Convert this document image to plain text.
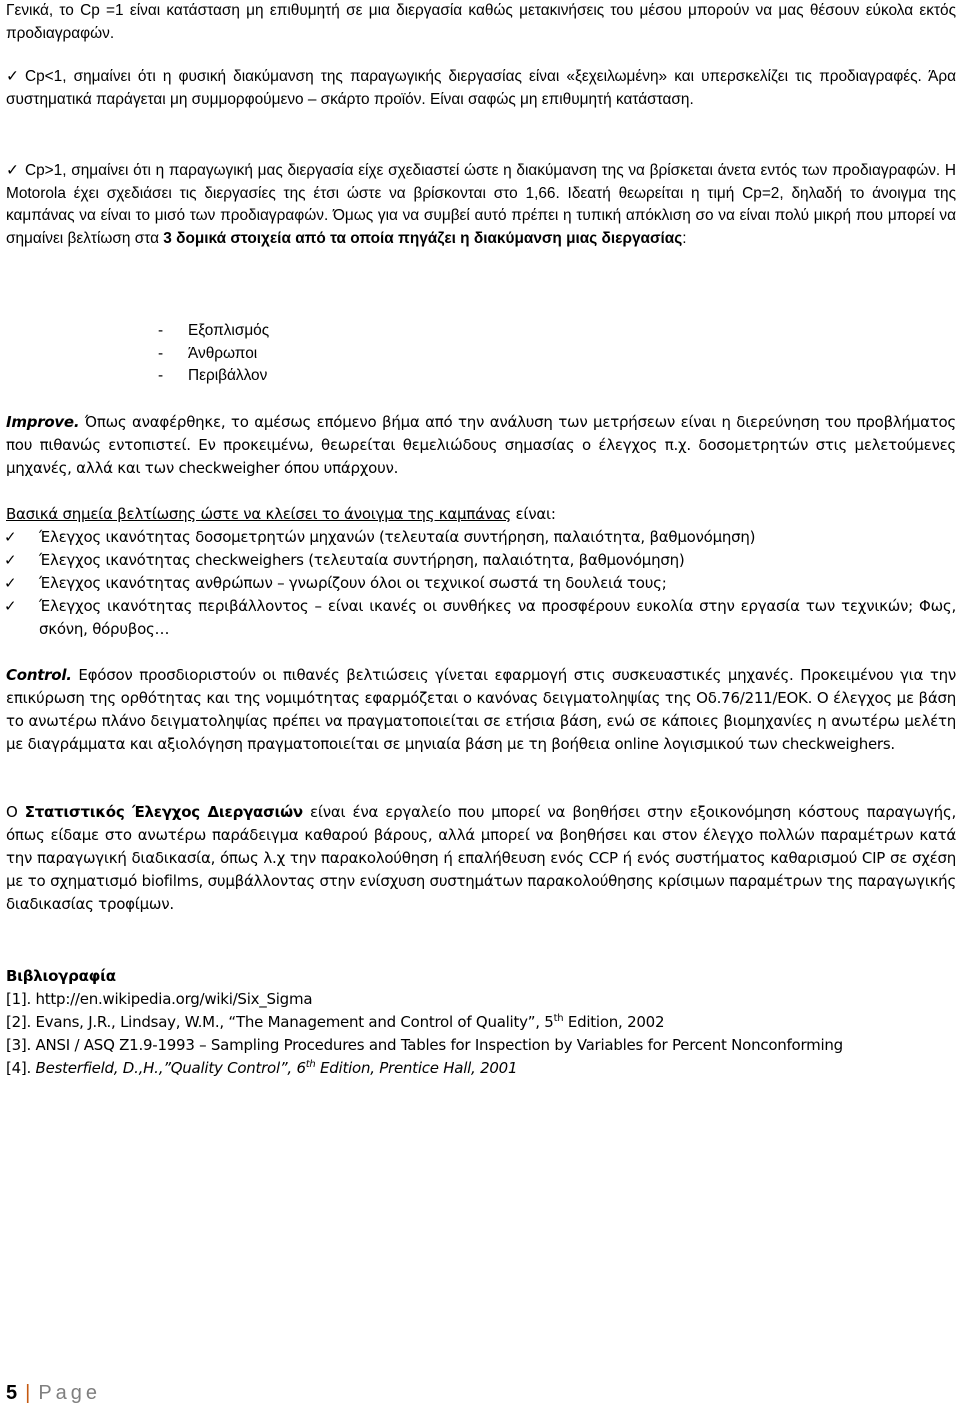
Γενικά, το Cp =1 είναι κατάσταση μη επιθυμητή σε μια διεργασία καθώς μετακινήσεις του μέσου μπορούν να μας θέσουν εύκολα εκτός προδιαγραφών.

✓ Cp<1, σημαίνει ότι η φυσική διακύμανση της παραγωγικής διεργασίας είναι «ξεχειλωμένη» και υπερσκελίζει τις προδιαγραφές. Άρα συστηματικά παράγεται μη συμμορφούμενο – σκάρτο προϊόν. Είναι σαφώς μη επιθυμητή κατάσταση.

✓ Cp>1, σημαίνει ότι η παραγωγική μας διεργασία είχε σχεδιαστεί ώστε η διακύμανση της να βρίσκεται άνετα εντός των προδιαγραφών. Η Motorola έχει σχεδιάσει τις διεργασίες της έτσι ώστε να βρίσκονται στο 1,66. Ιδεατή θεωρείται η τιμή Cp=2, δηλαδή το άνοιγμα της καμπάνας να είναι το μισό των προδιαγραφών. Όμως για να συμβεί αυτό πρέπει η τυπική απόκλιση σο να είναι πολύ μικρή που μπορεί να σημαίνει βελτίωση στα 3 δομικά στοιχεία από τα οποία πηγάζει η διακύμανση μιας διεργασίας:

- Εξοπλισμός
- Άνθρωποι
- Περιβάλλον

Improve. Όπως αναφέρθηκε, το αμέσως επόμενο βήμα από την ανάλυση των μετρήσεων είναι η διερεύνηση του προβλήματος που πιθανώς εντοπιστεί. Εν προκειμένω, θεωρείται θεμελιώδους σημασίας ο έλεγχος π.χ. δοσομετρητών στις μελετούμενες μηχανές, αλλά και των checkweigher όπου υπάρχουν.

Βασικά σημεία βελτίωσης ώστε να κλείσει το άνοιγμα της καμπάνας είναι:

✓	Έλεγχος ικανότητας δοσομετρητών μηχανών (τελευταία συντήρηση, παλαιότητα, βαθμονόμηση)
✓	Έλεγχος ικανότητας checkweighers (τελευταία συντήρηση, παλαιότητα, βαθμονόμηση)
✓	Έλεγχος ικανότητας ανθρώπων – γνωρίζουν όλοι οι τεχνικοί σωστά τη δουλειά τους;
✓	Έλεγχος ικανότητας περιβάλλοντος – είναι ικανές οι συνθήκες να προσφέρουν ευκολία στην εργασία των τεχνικών; Φως, σκόνη, θόρυβος…

Control. Εφόσον προσδιοριστούν οι πιθανές βελτιώσεις γίνεται εφαρμογή στις συσκευαστικές μηχανές. Προκειμένου για την επικύρωση της ορθότητας και της νομιμότητας εφαρμόζεται ο κανόνας δειγματοληψίας της Οδ.76/211/ΕΟΚ. Ο έλεγχος με βάση το ανωτέρω πλάνο δειγματοληψίας πρέπει να πραγματοποιείται σε ετήσια βάση, ενώ σε κάποιες βιομηχανίες η ανωτέρω μελέτη με διαγράμματα και αξιολόγηση πραγματοποιείται σε μηνιαία βάση με τη βοήθεια online λογισμικού των checkweighers.

Ο Στατιστικός Έλεγχος Διεργασιών είναι ένα εργαλείο που μπορεί να βοηθήσει στην εξοικονόμηση κόστους παραγωγής, όπως είδαμε στο ανωτέρω παράδειγμα καθαρού βάρους, αλλά μπορεί να βοηθήσει και στον έλεγχο πολλών παραμέτρων κατά την παραγωγική διαδικασία, όπως λ.χ την παρακολούθηση ή επαλήθευση ενός CCP ή ενός συστήματος καθαρισμού CIP σε σχέση με το σχηματισμό biofilms, συμβάλλοντας στην ενίσχυση συστημάτων παρακολούθησης κρίσιμων παραμέτρων της παραγωγικής διαδικασίας τροφίμων.

Βιβλιογραφία
[1]. http://en.wikipedia.org/wiki/Six_Sigma
[2]. Evans, J.R., Lindsay, W.M., “The Management and Control of Quality”, 5th Edition, 2002
[3]. ANSI / ASQ Z1.9-1993 – Sampling Procedures and Tables for Inspection by Variables for Percent Nonconforming
[4]. Besterfield, D.,H.,”Quality Control”, 6th Edition, Prentice Hall, 2001
5 | Page
